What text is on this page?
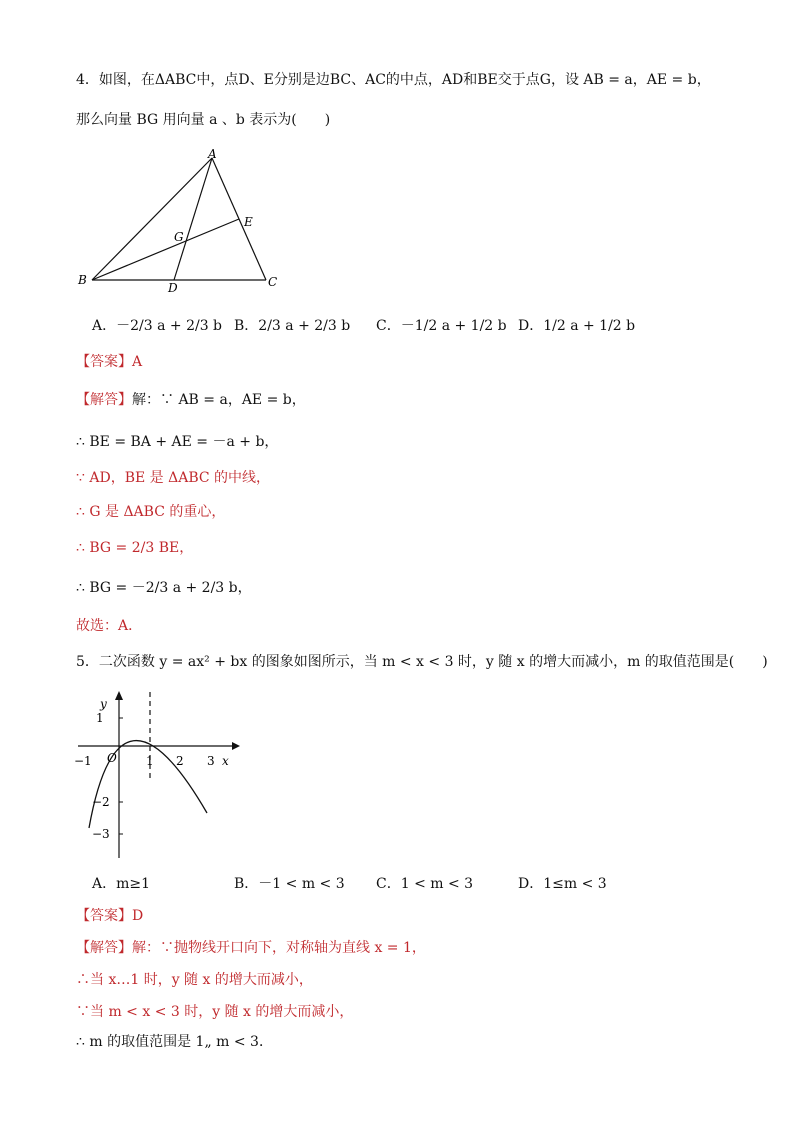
4．如图，在ΔABC中，点D、E分别是边BC、AC的中点，AD和BE交于点G，设 AB = a，AE = b，
那么向量 BG 用向量 a 、b 表示为(　　)
A
B	C
D
E
G
A．－2/3 a + 2/3 b B．2/3 a + 2/3 b C．－1/2 a + 1/2 b D．1/2 a + 1/2 b
【答案】A
【解答】解：∵ AB = a，AE = b，
∴ BE = BA + AE = －a + b，
∵ AD，BE 是 ΔABC 的中线，
∴ G 是 ΔABC 的重心，
∴ BG = 2/3 BE，
∴ BG = －2/3 a + 2/3 b，
故选：A．
5．二次函数 y = ax² + bx 的图象如图所示，当 m < x < 3 时，y 随 x 的增大而减小，m 的取值范围是(　　)
y
x
O
−1	1 2 3
1
−2
−3
A．m≥1	B．－1 < m < 3 C．1 < m < 3	D．1≤m < 3
【答案】D
【解答】解：∵抛物线开口向下，对称轴为直线 x = 1，
∴当 x…1 时，y 随 x 的增大而减小，
∵当 m < x < 3 时，y 随 x 的增大而减小，
∴ m 的取值范围是 1„ m < 3．
